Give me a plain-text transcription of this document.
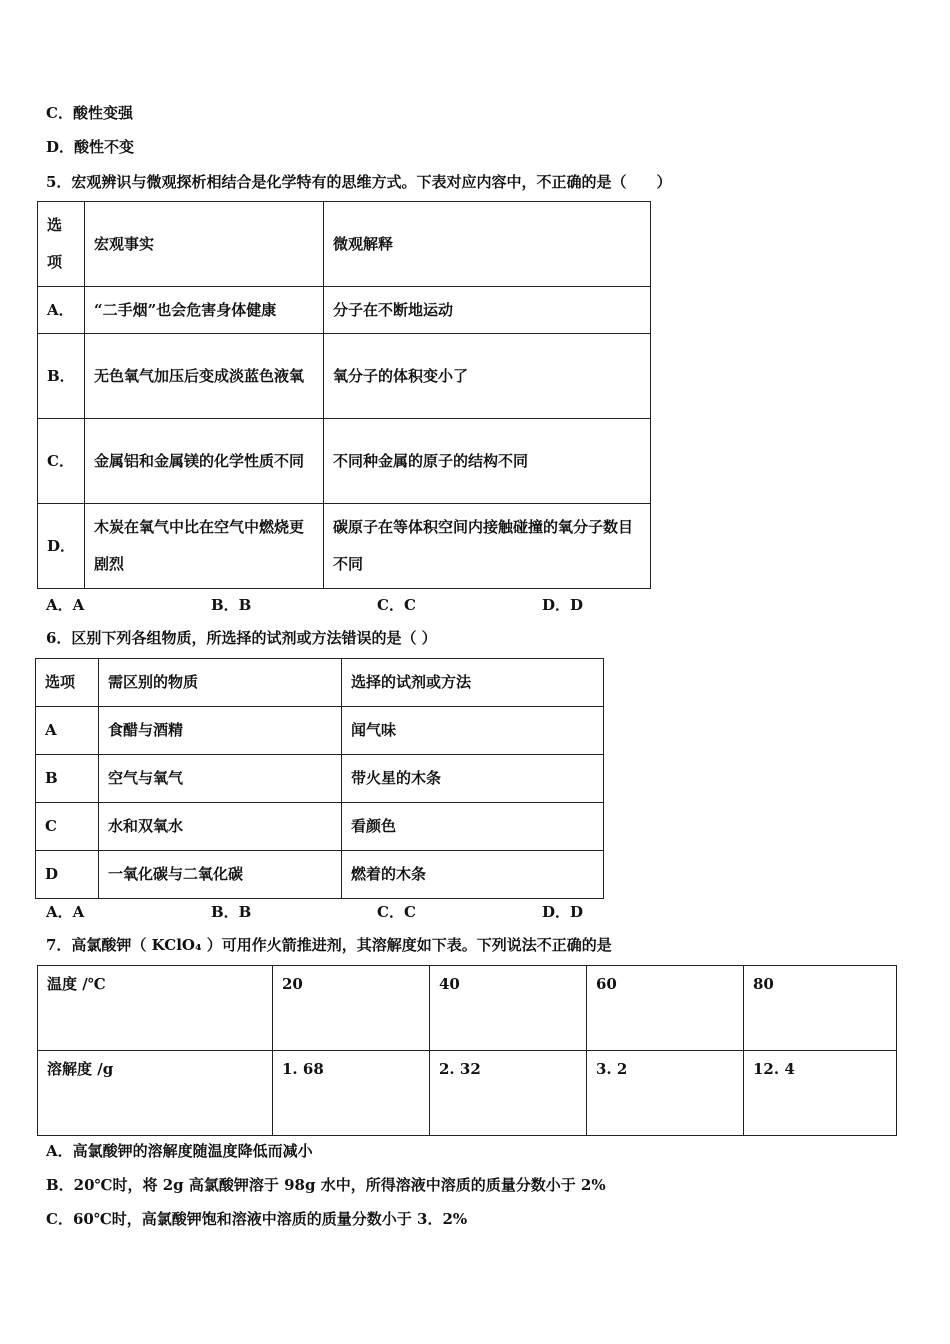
C．酸性变强
D．酸性不变
5．宏观辨识与微观探析相结合是化学特有的思维方式。下表对应内容中，不正确的是（　　）
选
项	宏观事实	微观解释
A．	“二手烟”也会危害身体健康	分子在不断地运动
B．	无色氧气加压后变成淡蓝色液氧	氧分子的体积变小了
C．	金属铝和金属镁的化学性质不同	不同种金属的原子的结构不同
D．	木炭在氧气中比在空气中燃烧更剧烈	碳原子在等体积空间内接触碰撞的氧分子数目不同
A．A	B．B	C．C	D．D
6．区别下列各组物质，所选择的试剂或方法错误的是（ ）
选项	需区别的物质	选择的试剂或方法
A	食醋与酒精	闻气味
B	空气与氧气	带火星的木条
C	水和双氧水	看颜色
D	一氧化碳与二氧化碳	燃着的木条
A．A	B．B	C．C	D．D
7．高氯酸钾（ KClO₄ ）可用作火箭推进剂，其溶解度如下表。下列说法不正确的是
温度 /℃	20	40	60	80
溶解度 /g	1. 68	2. 32	3. 2	12. 4
A．高氯酸钾的溶解度随温度降低而减小
B．20℃时，将 2g 高氯酸钾溶于 98g 水中，所得溶液中溶质的质量分数小于 2%
C．60℃时，高氯酸钾饱和溶液中溶质的质量分数小于 3．2%
